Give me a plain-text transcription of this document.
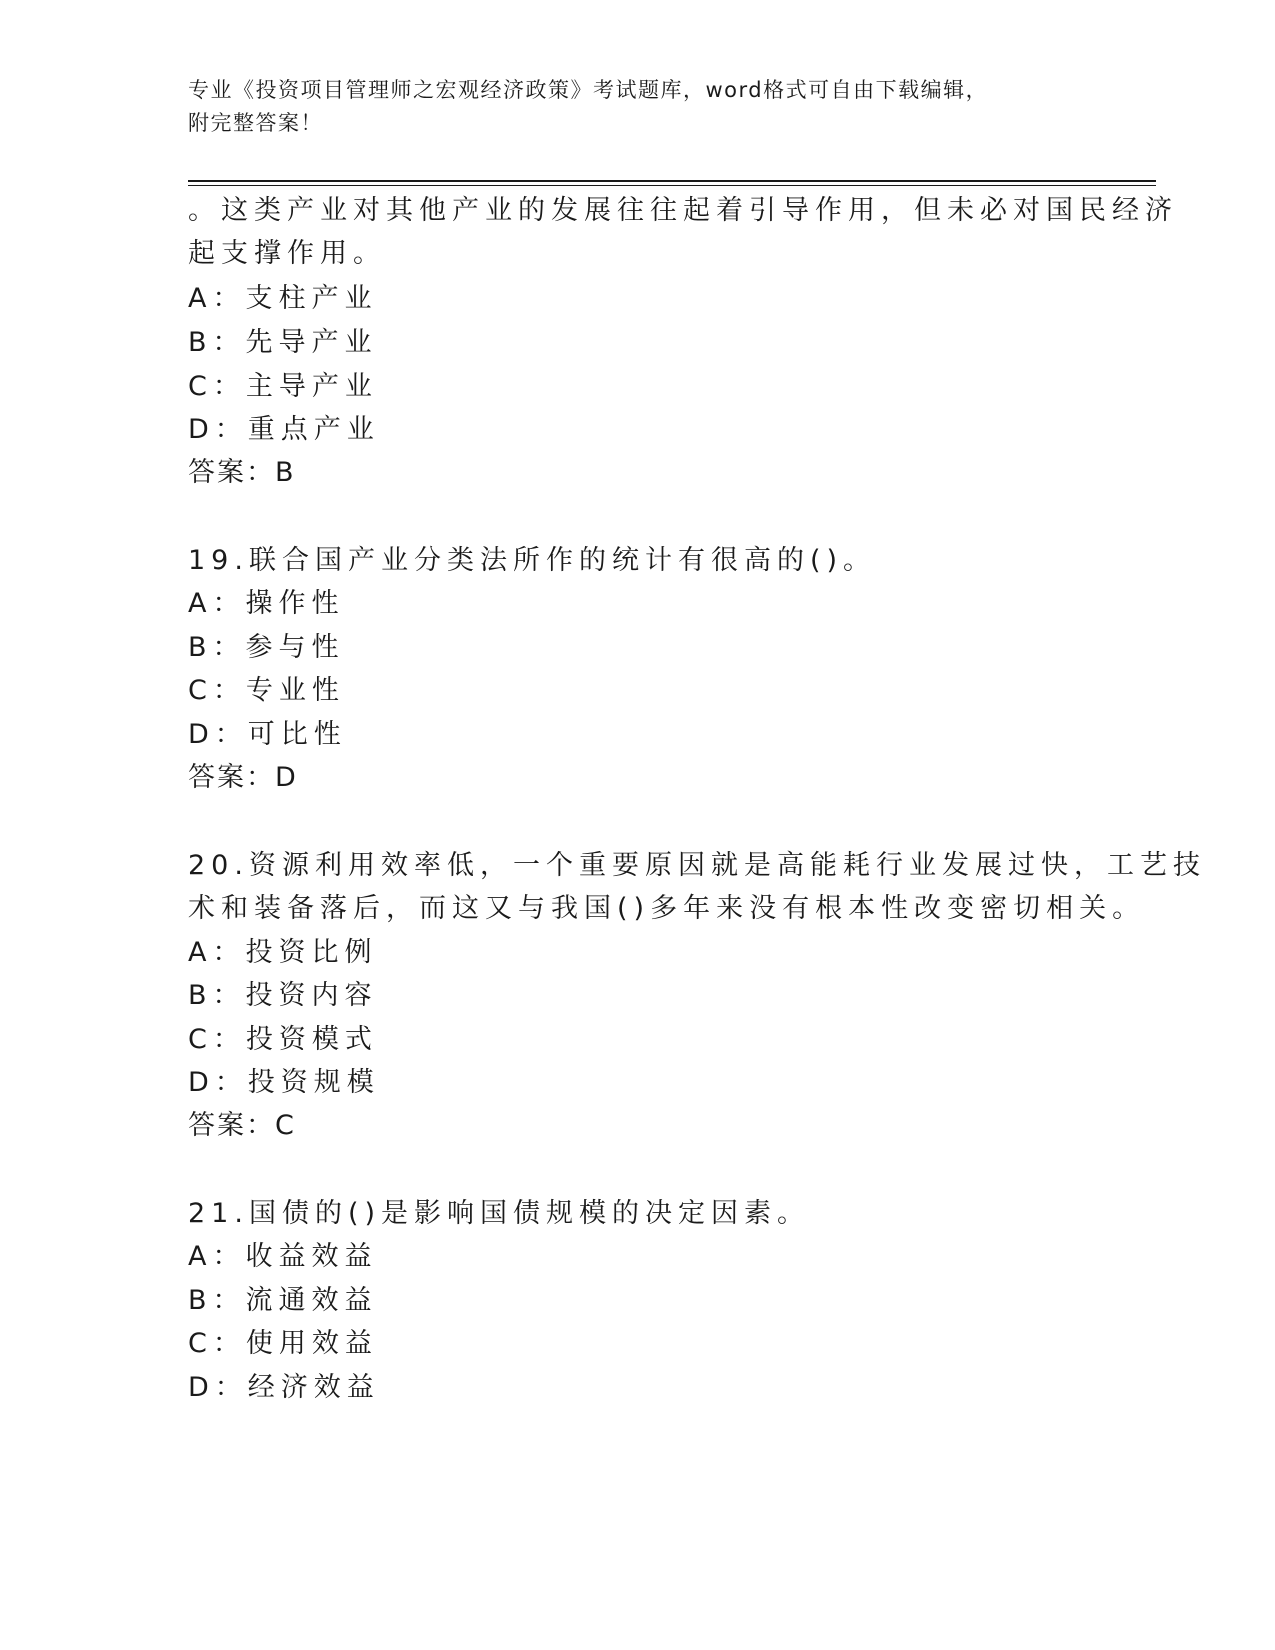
专业《投资项目管理师之宏观经济政策》考试题库，word格式可自由下载编辑，
附完整答案！
。这类产业对其他产业的发展往往起着引导作用，但未必对国民经济
起支撑作用。
A：支柱产业
B：先导产业
C：主导产业
D：重点产业
答案：B
19.联合国产业分类法所作的统计有很高的()。
A：操作性
B：参与性
C：专业性
D：可比性
答案：D
20.资源利用效率低，一个重要原因就是高能耗行业发展过快，工艺技
术和装备落后，而这又与我国()多年来没有根本性改变密切相关。
A：投资比例
B：投资内容
C：投资模式
D：投资规模
答案：C
21.国债的()是影响国债规模的决定因素。
A：收益效益
B：流通效益
C：使用效益
D：经济效益
